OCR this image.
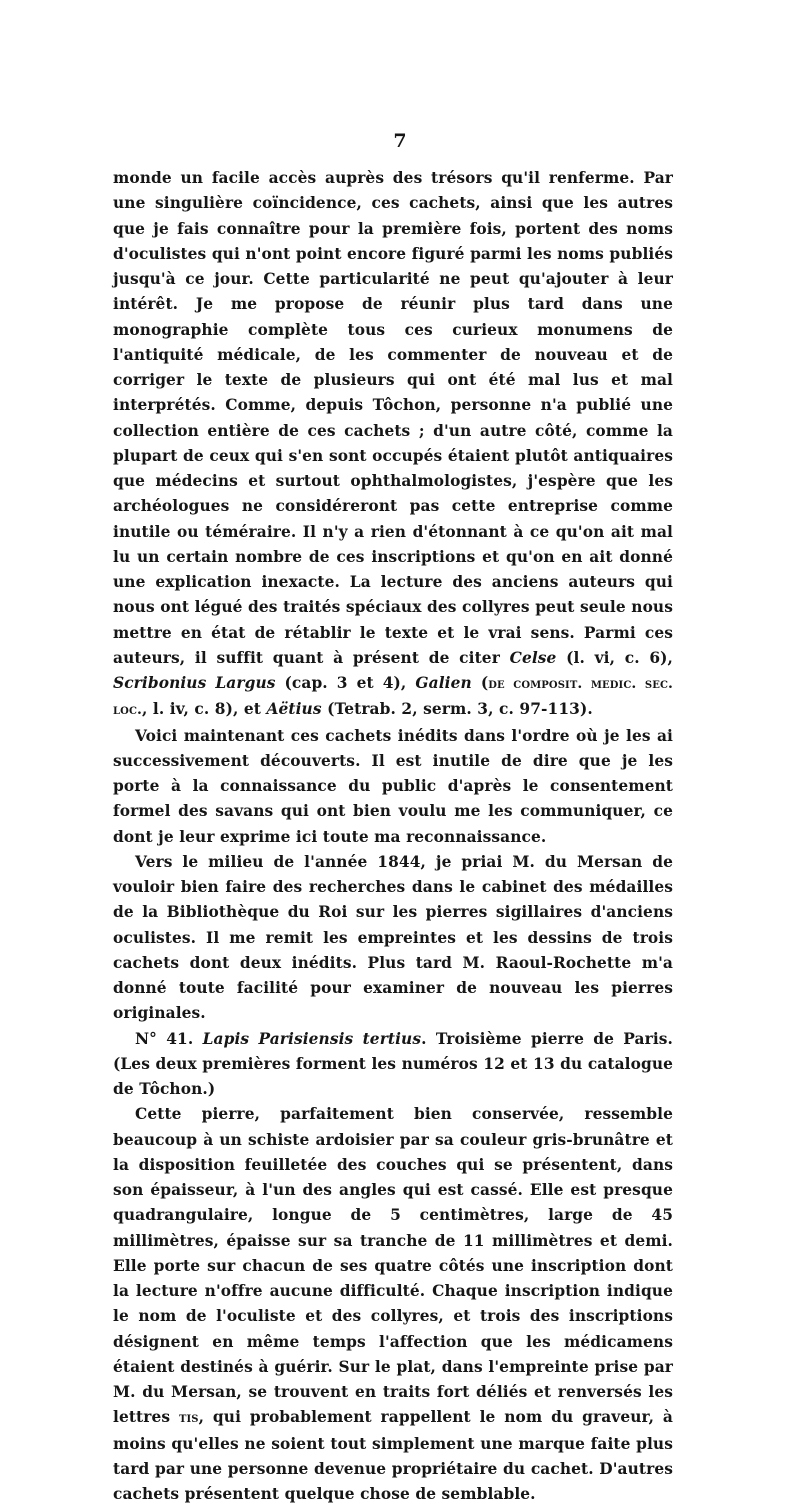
7

monde un facile accès auprès des trésors qu'il renferme. Par une singulière coïncidence, ces cachets, ainsi que les autres que je fais connaître pour la première fois, portent des noms d'oculistes qui n'ont point encore figuré parmi les noms publiés jusqu'à ce jour. Cette particularité ne peut qu'ajouter à leur intérêt. Je me propose de réunir plus tard dans une monographie complète tous ces curieux monumens de l'antiquité médicale, de les commenter de nouveau et de corriger le texte de plusieurs qui ont été mal lus et mal interprétés. Comme, depuis Tôchon, personne n'a publié une collection entière de ces cachets ; d'un autre côté, comme la plupart de ceux qui s'en sont occupés étaient plutôt antiquaires que médecins et surtout ophthalmologistes, j'espère que les archéologues ne considéreront pas cette entreprise comme inutile ou téméraire. Il n'y a rien d'étonnant à ce qu'on ait mal lu un certain nombre de ces inscriptions et qu'on en ait donné une explication inexacte. La lecture des anciens auteurs qui nous ont légué des traités spéciaux des collyres peut seule nous mettre en état de rétablir le texte et le vrai sens. Parmi ces auteurs, il suffit quant à présent de citer Celse (l. vi, c. 6), Scribonius Largus (cap. 3 et 4), Galien (de composit. medic. sec. loc., l. iv, c. 8), et Aëtius (Tetrab. 2, serm. 3, c. 97-113).

Voici maintenant ces cachets inédits dans l'ordre où je les ai successivement découverts. Il est inutile de dire que je les porte à la connaissance du public d'après le consentement formel des savans qui ont bien voulu me les communiquer, ce dont je leur exprime ici toute ma reconnaissance.

Vers le milieu de l'année 1844, je priai M. du Mersan de vouloir bien faire des recherches dans le cabinet des médailles de la Bibliothèque du Roi sur les pierres sigillaires d'anciens oculistes. Il me remit les empreintes et les dessins de trois cachets dont deux inédits. Plus tard M. Raoul-Rochette m'a donné toute facilité pour examiner de nouveau les pierres originales.

N° 41. Lapis Parisiensis tertius. Troisième pierre de Paris. (Les deux premières forment les numéros 12 et 13 du catalogue de Tôchon.)

Cette pierre, parfaitement bien conservée, ressemble beaucoup à un schiste ardoisier par sa couleur gris-brunâtre et la disposition feuilletée des couches qui se présentent, dans son épaisseur, à l'un des angles qui est cassé. Elle est presque quadrangulaire, longue de 5 centimètres, large de 45 millimètres, épaisse sur sa tranche de 11 millimètres et demi. Elle porte sur chacun de ses quatre côtés une inscription dont la lecture n'offre aucune difficulté. Chaque inscription indique le nom de l'oculiste et des collyres, et trois des inscriptions désignent en même temps l'affection que les médicamens étaient destinés à guérir. Sur le plat, dans l'empreinte prise par M. du Mersan, se trouvent en traits fort déliés et renversés les lettres tis, qui probablement rappellent le nom du graveur, à moins qu'elles ne soient tout simplement une marque faite plus tard par une personne devenue propriétaire du cachet. D'autres cachets présentent quelque chose de semblable.
